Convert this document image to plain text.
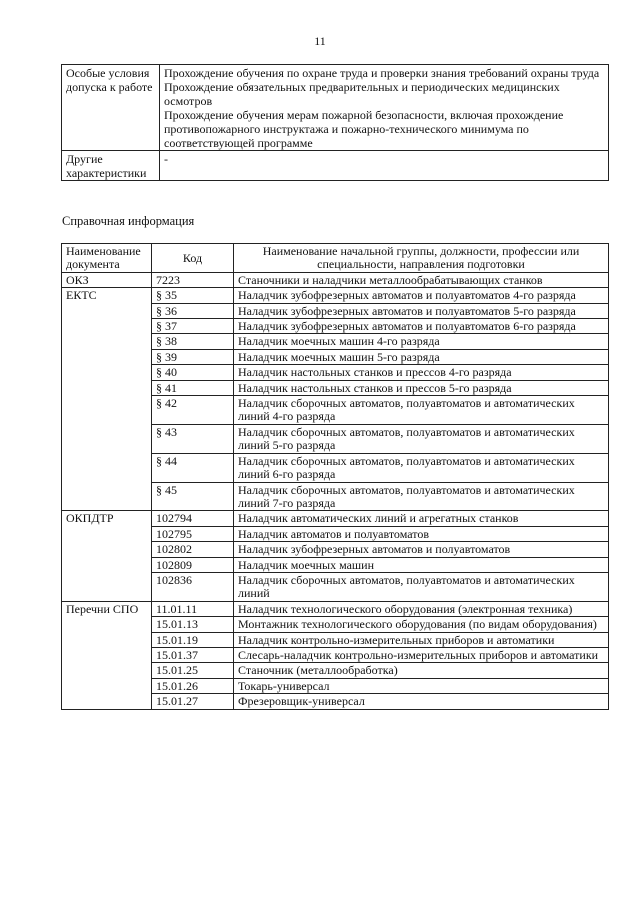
11
Особые условия допуска к работе	Прохождение обучения по охране труда и проверки знания требований охраны труда
Прохождение обязательных предварительных и периодических медицинских осмотров
Прохождение обучения мерам пожарной безопасности, включая прохождение противопожарного инструктажа и пожарно-технического минимума по соответствующей программе

Другие характеристики	-
Справочная информация
Наименование документа	Код	Наименование начальной группы, должности, профессии или специальности, направления подготовки
ОКЗ	7223	Станочники и наладчики металлообрабатывающих станков
ЕКТС	§ 35	Наладчик зубофрезерных автоматов и полуавтоматов 4-го разряда
	§ 36	Наладчик зубофрезерных автоматов и полуавтоматов 5-го разряда
	§ 37	Наладчик зубофрезерных автоматов и полуавтоматов 6-го разряда
	§ 38	Наладчик моечных машин 4-го разряда
	§ 39	Наладчик моечных машин 5-го разряда
	§ 40	Наладчик настольных станков и прессов 4-го разряда
	§ 41	Наладчик настольных станков и прессов 5-го разряда
	§ 42	Наладчик сборочных автоматов, полуавтоматов и автоматических линий 4-го разряда
	§ 43	Наладчик сборочных автоматов, полуавтоматов и автоматических линий 5-го разряда
	§ 44	Наладчик сборочных автоматов, полуавтоматов и автоматических линий 6-го разряда
	§ 45	Наладчик сборочных автоматов, полуавтоматов и автоматических линий 7-го разряда
ОКПДТР	102794	Наладчик автоматических линий и агрегатных станков
	102795	Наладчик автоматов и полуавтоматов
	102802	Наладчик зубофрезерных автоматов и полуавтоматов
	102809	Наладчик моечных машин
	102836	Наладчик сборочных автоматов, полуавтоматов и автоматических линий
Перечни СПО	11.01.11	Наладчик технологического оборудования (электронная техника)
	15.01.13	Монтажник технологического оборудования (по видам оборудования)
	15.01.19	Наладчик контрольно-измерительных приборов и автоматики
	15.01.37	Слесарь-наладчик контрольно-измерительных приборов и автоматики
	15.01.25	Станочник (металлообработка)
	15.01.26	Токарь-универсал
	15.01.27	Фрезеровщик-универсал
